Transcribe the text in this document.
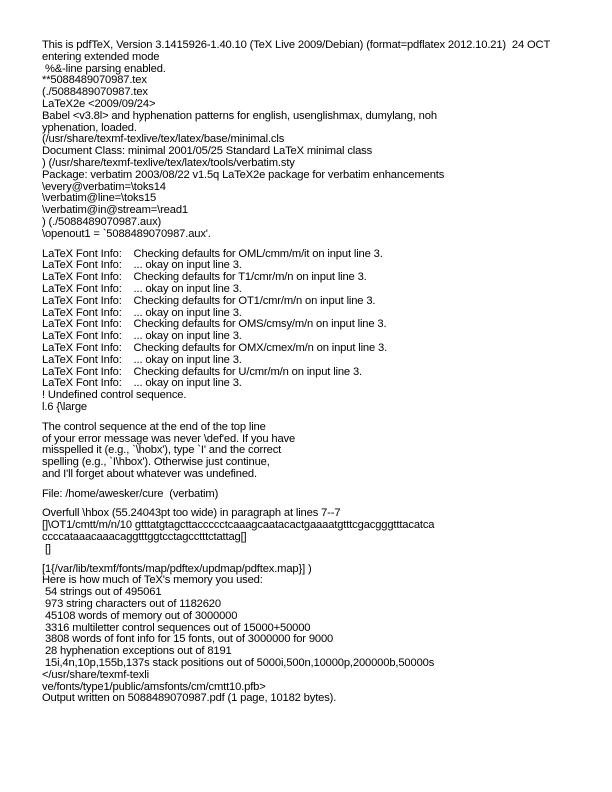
This is pdfTeX, Version 3.1415926-1.40.10 (TeX Live 2009/Debian) (format=pdflatex 2012.10.21)  24 OCT
entering extended mode
%&-line parsing enabled.
**5088489070987.tex
(./5088489070987.tex
LaTeX2e <2009/09/24>
Babel <v3.8l> and hyphenation patterns for english, usenglishmax, dumylang, noh
yphenation, loaded.
(/usr/share/texmf-texlive/tex/latex/base/minimal.cls
Document Class: minimal 2001/05/25 Standard LaTeX minimal class
) (/usr/share/texmf-texlive/tex/latex/tools/verbatim.sty
Package: verbatim 2003/08/22 v1.5q LaTeX2e package for verbatim enhancements
\every@verbatim=\toks14
\verbatim@line=\toks15
\verbatim@in@stream=\read1
) (./5088489070987.aux)
\openout1 = `5088489070987.aux'.
LaTeX Font Info:    Checking defaults for OML/cmm/m/it on input line 3.
LaTeX Font Info:    ... okay on input line 3.
LaTeX Font Info:    Checking defaults for T1/cmr/m/n on input line 3.
LaTeX Font Info:    ... okay on input line 3.
LaTeX Font Info:    Checking defaults for OT1/cmr/m/n on input line 3.
LaTeX Font Info:    ... okay on input line 3.
LaTeX Font Info:    Checking defaults for OMS/cmsy/m/n on input line 3.
LaTeX Font Info:    ... okay on input line 3.
LaTeX Font Info:    Checking defaults for OMX/cmex/m/n on input line 3.
LaTeX Font Info:    ... okay on input line 3.
LaTeX Font Info:    Checking defaults for U/cmr/m/n on input line 3.
LaTeX Font Info:    ... okay on input line 3.
! Undefined control sequence.
l.6 {\large
The control sequence at the end of the top line
of your error message was never \def'ed. If you have
misspelled it (e.g., `\hobx'), type `I' and the correct
spelling (e.g., `I\hbox'). Otherwise just continue,
and I'll forget about whatever was undefined.
File: /home/awesker/cure  (verbatim)
Overfull \hbox (55.24043pt too wide) in paragraph at lines 7--7
[]\OT1/cmtt/m/n/10 gtttatgtagcttaccccctcaaagcaatacactgaaaatgtttcgacgggtttacatca
ccccataaacaaacaggtttggtcctagcctttctattag[]
[]
[1{/var/lib/texmf/fonts/map/pdftex/updmap/pdftex.map}] )
Here is how much of TeX's memory you used:
54 strings out of 495061
973 string characters out of 1182620
45108 words of memory out of 3000000
3316 multiletter control sequences out of 15000+50000
3808 words of font info for 15 fonts, out of 3000000 for 9000
28 hyphenation exceptions out of 8191
15i,4n,10p,155b,137s stack positions out of 5000i,500n,10000p,200000b,50000s
</usr/share/texmf-texli
ve/fonts/type1/public/amsfonts/cm/cmtt10.pfb>
Output written on 5088489070987.pdf (1 page, 10182 bytes).
